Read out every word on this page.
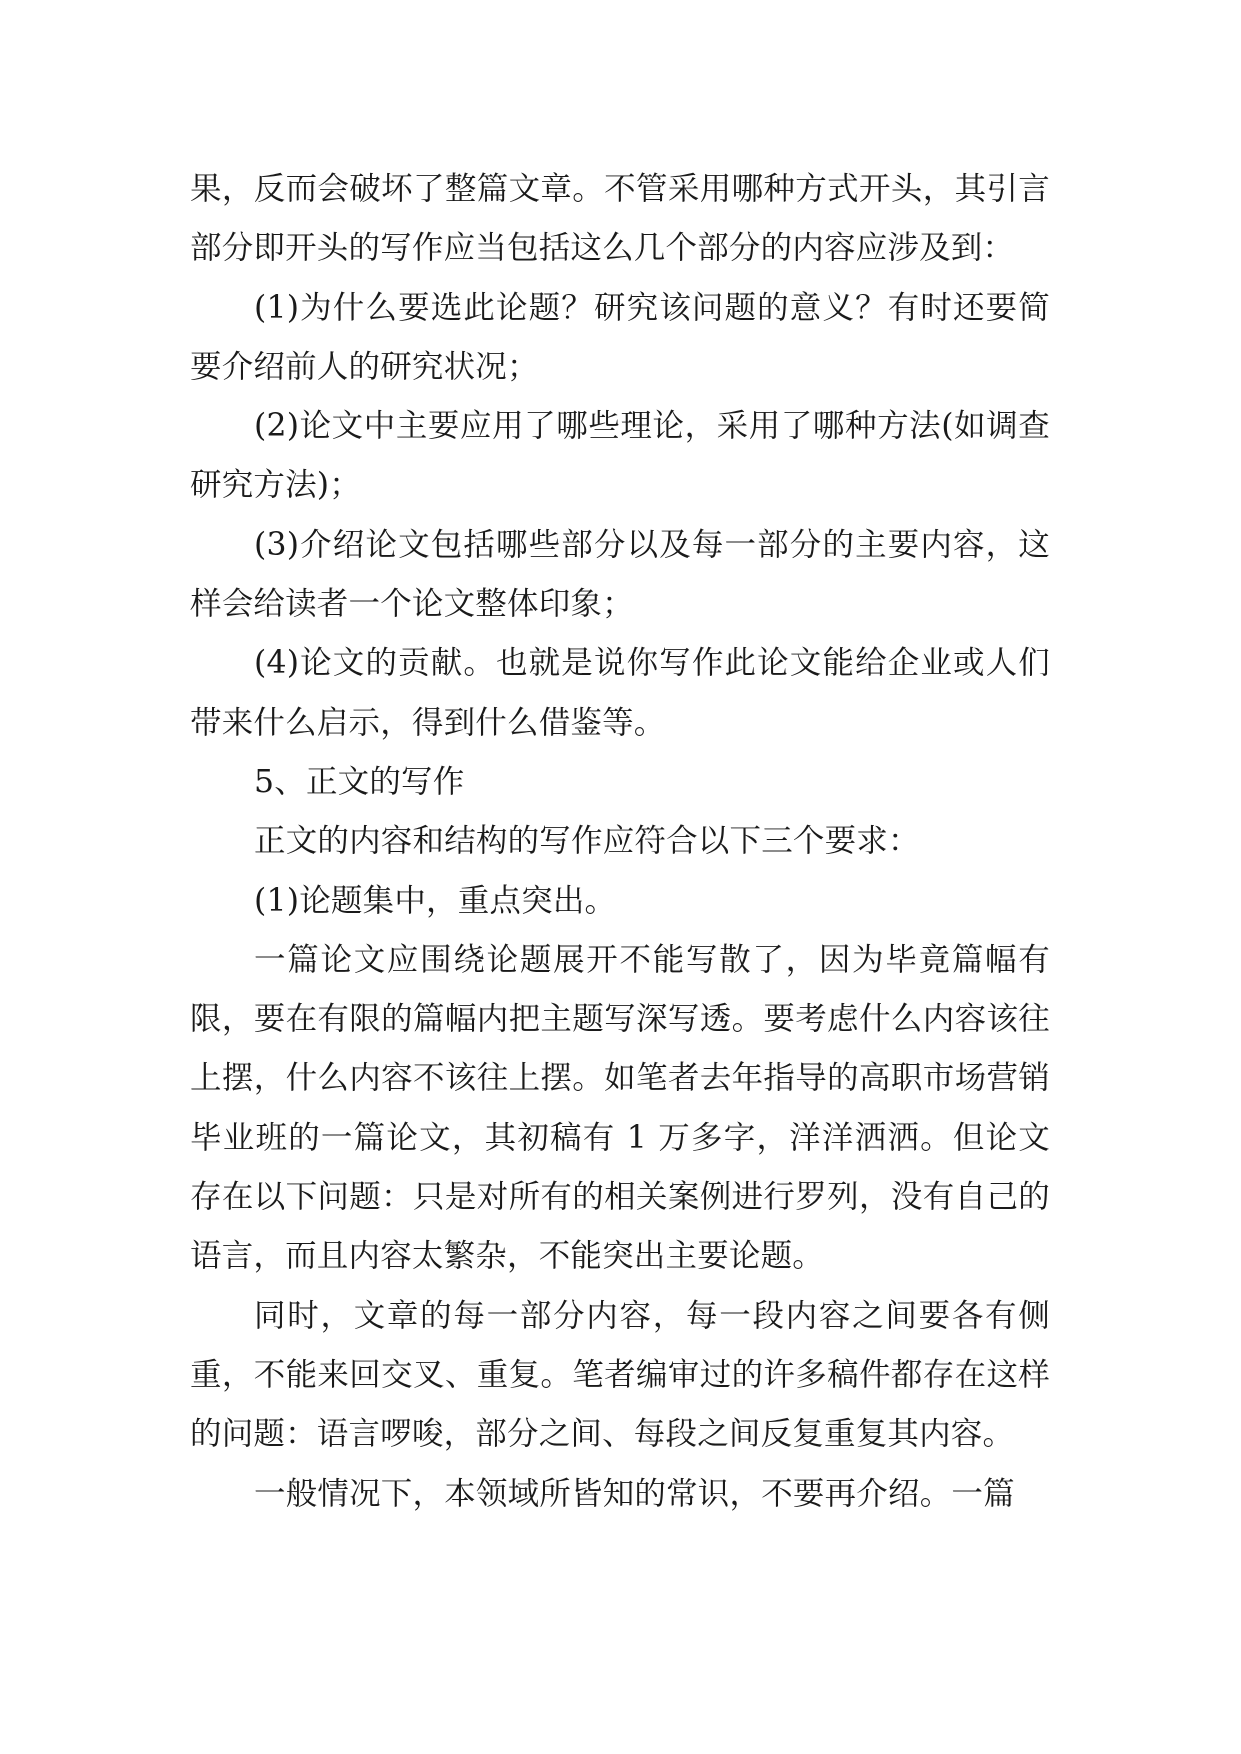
果，反而会破坏了整篇文章。不管采用哪种方式开头，其引言部分即开头的写作应当包括这么几个部分的内容应涉及到：

(1)为什么要选此论题？研究该问题的意义？有时还要简要介绍前人的研究状况；

(2)论文中主要应用了哪些理论，采用了哪种方法(如调查研究方法)；

(3)介绍论文包括哪些部分以及每一部分的主要内容，这样会给读者一个论文整体印象；

(4)论文的贡献。也就是说你写作此论文能给企业或人们带来什么启示，得到什么借鉴等。

5、正文的写作

正文的内容和结构的写作应符合以下三个要求：

(1)论题集中，重点突出。

一篇论文应围绕论题展开不能写散了，因为毕竟篇幅有限，要在有限的篇幅内把主题写深写透。要考虑什么内容该往上摆，什么内容不该往上摆。如笔者去年指导的高职市场营销毕业班的一篇论文，其初稿有 1 万多字，洋洋洒洒。但论文存在以下问题：只是对所有的相关案例进行罗列，没有自己的语言，而且内容太繁杂，不能突出主要论题。

同时，文章的每一部分内容，每一段内容之间要各有侧重，不能来回交叉、重复。笔者编审过的许多稿件都存在这样的问题：语言啰唆，部分之间、每段之间反复重复其内容。

一般情况下，本领域所皆知的常识，不要再介绍。一篇
